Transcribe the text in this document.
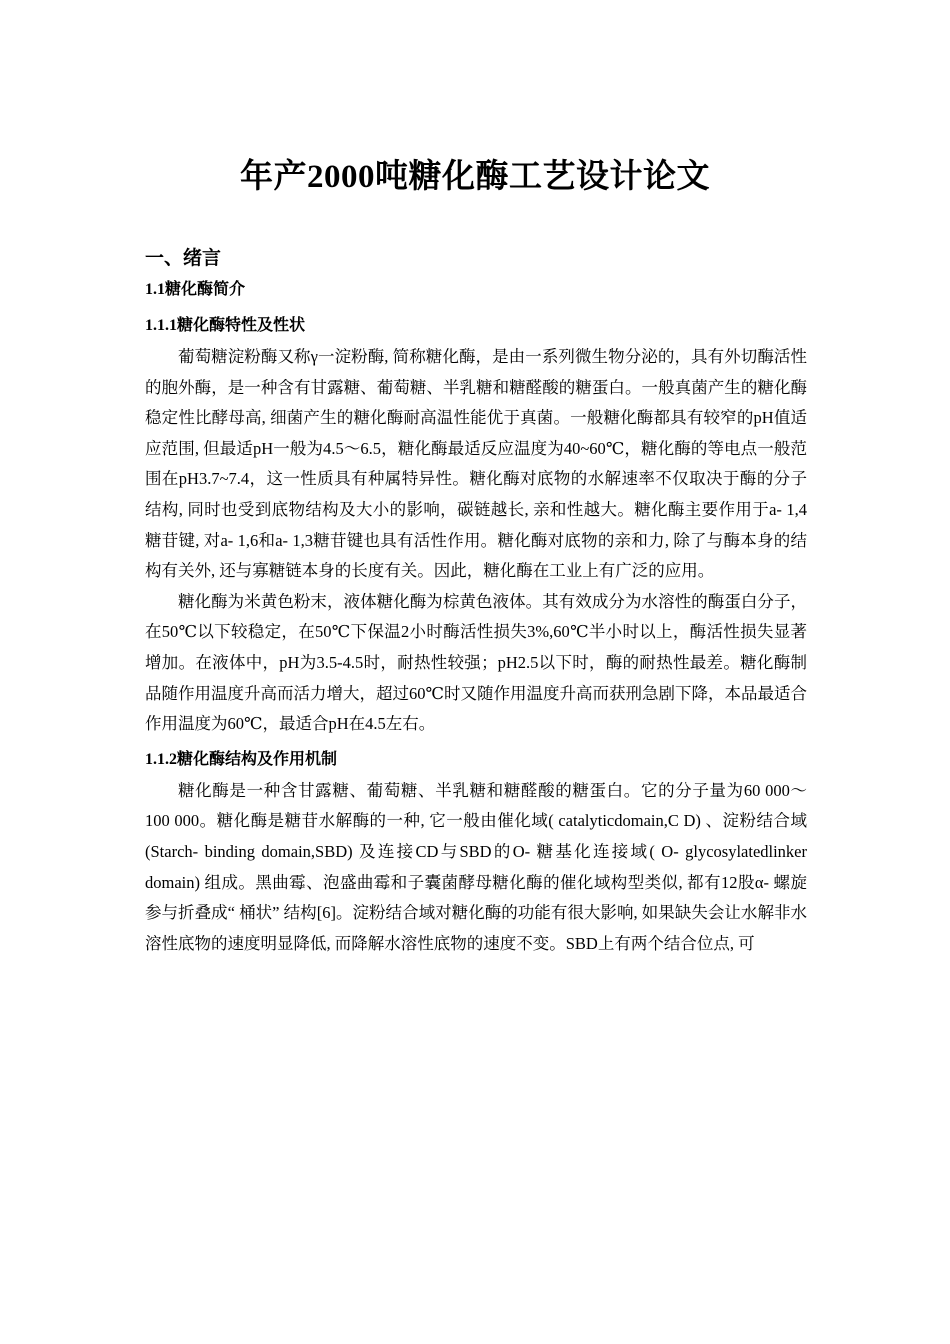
年产2000吨糖化酶工艺设计论文
一、绪言
1.1糖化酶简介
1.1.1糖化酶特性及性状

葡萄糖淀粉酶又称γ一淀粉酶, 简称糖化酶，是由一系列微生物分泌的，具有外切酶活性的胞外酶，是一种含有甘露糖、葡萄糖、半乳糖和糖醛酸的糖蛋白。一般真菌产生的糖化酶稳定性比酵母高, 细菌产生的糖化酶耐高温性能优于真菌。一般糖化酶都具有较窄的pH值适应范围, 但最适pH一般为4.5～6.5，糖化酶最适反应温度为40~60℃，糖化酶的等电点一般范围在pH3.7~7.4，这一性质具有种属特异性。糖化酶对底物的水解速率不仅取决于酶的分子结构, 同时也受到底物结构及大小的影响，碳链越长, 亲和性越大。糖化酶主要作用于a- 1,4糖苷键, 对a- 1,6和a- 1,3糖苷键也具有活性作用。糖化酶对底物的亲和力, 除了与酶本身的结构有关外, 还与寡糖链本身的长度有关。因此，糖化酶在工业上有广泛的应用。

糖化酶为米黄色粉末，液体糖化酶为棕黄色液体。其有效成分为水溶性的酶蛋白分子，在50℃以下较稳定，在50℃下保温2小时酶活性损失3%,60℃半小时以上，酶活性损失显著增加。在液体中，pH为3.5-4.5时，耐热性较强；pH2.5以下时，酶的耐热性最差。糖化酶制品随作用温度升高而活力增大，超过60℃时又随作用温度升高而获刑急剧下降，本品最适合作用温度为60℃，最适合pH在4.5左右。

1.1.2糖化酶结构及作用机制

糖化酶是一种含甘露糖、葡萄糖、半乳糖和糖醛酸的糖蛋白。它的分子量为60 000～100 000。糖化酶是糖苷水解酶的一种, 它一般由催化域( catalyticdomain,C D) 、淀粉结合域(Starch- binding domain,SBD) 及连接CD与SBD的O- 糖基化连接域( O- glycosylatedlinker domain) 组成。黑曲霉、泡盛曲霉和子囊菌酵母糖化酶的催化域构型类似, 都有12股α- 螺旋参与折叠成“ 桶状” 结构[6]。淀粉结合域对糖化酶的功能有很大影响, 如果缺失会让水解非水溶性底物的速度明显降低, 而降解水溶性底物的速度不变。SBD上有两个结合位点, 可
